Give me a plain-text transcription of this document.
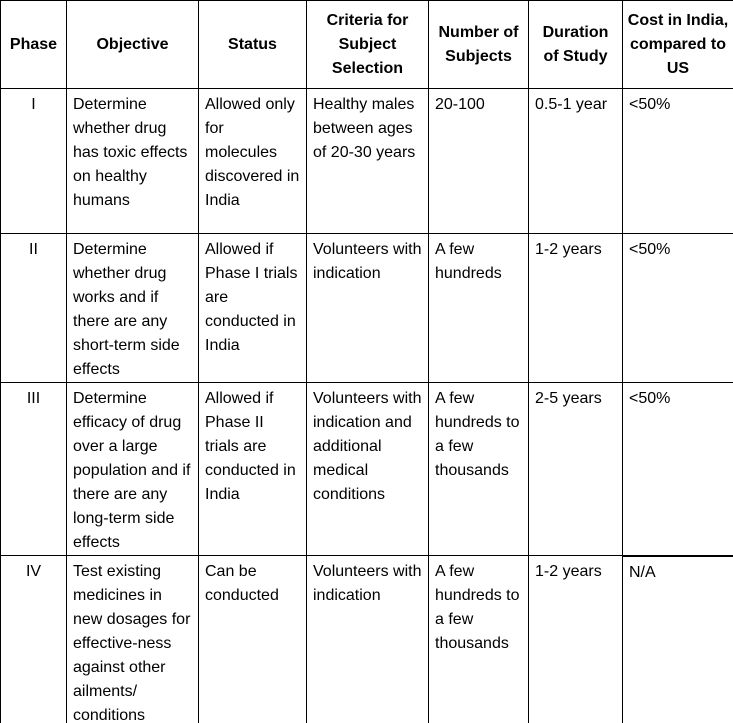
Phase	Objective	Status	Criteria for Subject Selection	Number of Subjects	Duration of Study	Cost in India, compared to US
I	Determine whether drug has toxic effects on healthy humans	Allowed only for molecules discovered in India	Healthy males between ages of 20-30 years	20-100	0.5-1 year	<50%
II	Determine whether drug works and if there are any short-term side effects	Allowed if Phase I trials are conducted in India	Volunteers with indication	A few hundreds	1-2 years	<50%
III	Determine efficacy of drug over a large population and if there are any long-term side effects	Allowed if Phase II trials are conducted in India	Volunteers with indication and additional medical conditions	A few hundreds to a few thousands	2-5 years	<50%
IV	Test existing medicines in new dosages for effective-ness against other ailments/ conditions	Can be conducted	Volunteers with indication	A few hundreds to a few thousands	1-2 years	N/A
